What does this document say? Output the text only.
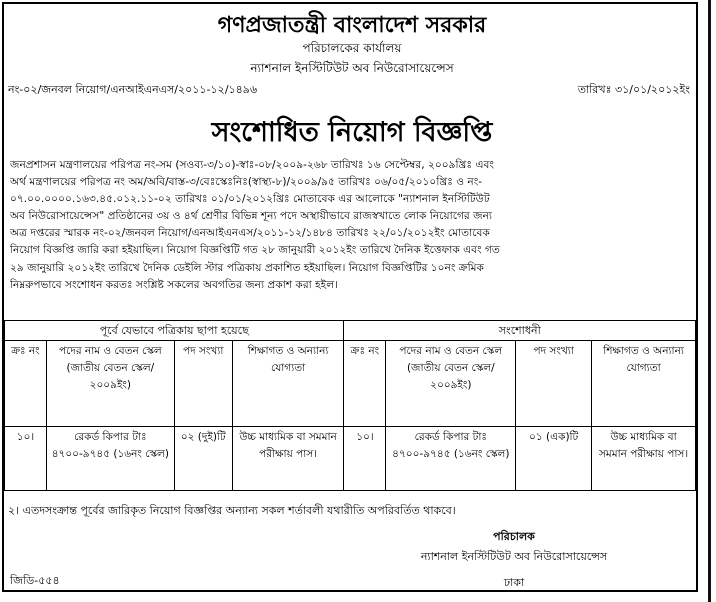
গণপ্রজাতন্ত্রী বাংলাদেশ সরকার
পরিচালকের কার্যালয়
ন্যাশনাল ইনস্টিটিউট অব নিউরোসায়েন্সেস
নং-০২/জনবল নিয়োগ/এনআইএনএস/২০১১-১২/১৪৯৬	তারিখঃ ৩১/০১/২০১২ইং
সংশোধিত নিয়োগ বিজ্ঞপ্তি
জনপ্রশাসন মন্ত্রণালয়ের পরিপত্র নং-সম (সওব্য-৩/১০)-স্বাঃ-০৮/২০০৯-২৬৮ তারিখঃ ১৬ সেপ্টেম্বর, ২০০৯খ্রিঃ এবং
অর্থ মন্ত্রণালয়ের পরিপত্র নং অম/অবি/বাস্ত-৩/বেঃস্কেঃনিঃ(স্বাস্থ্য-৮)/২০০৯/৯৫ তারিখঃ ০৬/০৫/২০১০খ্রিঃ ও নং-
০৭.০০.০০০০.১৬৩.৪৫.০১২.১১-০২ তারিখঃ ০১/০১/২০১২খ্রিঃ মোতাবেক এর আলোকে "ন্যাশনাল ইনস্টিটিউট
অব নিউরোসায়েন্সেস" প্রতিষ্ঠানের ৩য় ও ৪র্থ শ্রেণীর বিভিন্ন শূন্য পদে অস্থায়ীভাবে রাজস্বখাতে লোক নিয়োগের জন্য
অত্র দপ্তরের স্মারক নং-০২/জনবল নিয়োগ/এনআইএনএস/২০১১-১২/১৪৮৪ তারিখঃ ২২/০১/২০১২ইং মোতাবেক
নিয়োগ বিজ্ঞপ্তি জারি করা হইয়াছিল। নিয়োগ বিজ্ঞপ্তিটি গত ২৮ জানুয়ারী ২০১২ইং তারিখে দৈনিক ইত্তেফাক এবং গত
২৯ জানুয়ারি ২০১২ইং তারিখে দৈনিক ডেইলি স্টার পত্রিকায় প্রকাশিত হইয়াছিল। নিয়োগ বিজ্ঞপ্তিটির ১০নং ক্রমিক
নিম্নরুপভাবে সংশোধন করতঃ সংশ্লিষ্ট সকলের অবগতির জন্য প্রকাশ করা হইল।
পূর্বে যেভাবে পত্রিকায় ছাপা হয়েছে				সংশোধনী			
ক্রঃ নং	পদের নাম ও বেতন স্কেল (জাতীয় বেতন স্কেল/২০০৯ইং)	পদ সংখ্যা	শিক্ষাগত ও অন্যান্য যোগ্যতা	ক্রঃ নং	পদের নাম ও বেতন স্কেল (জাতীয় বেতন স্কেল/২০০৯ইং)	পদ সংখ্যা	শিক্ষাগত ও অন্যান্য যোগ্যতা
১০।	রেকর্ড কিপার টাঃ ৪৭০০-৯৭৪৫ (১৬নং স্কেল)	০২ (দুই)টি	উচ্চ মাধ্যমিক বা সমমান পরীক্ষায় পাস।	১০।	রেকর্ড কিপার টাঃ ৪৭০০-৯৭৪৫ (১৬নং স্কেল)	০১ (এক)টি	উচ্চ মাধ্যমিক বা সমমান পরীক্ষায় পাস।
২। এতদসংক্রান্ত পূর্বের জারিকৃত নিয়োগ বিজ্ঞপ্তির অন্যান্য সকল শর্তাবলী যথারীতি অপরিবর্তিত থাকবে।
পরিচালক
ন্যাশনাল ইনস্টিটিউট অব নিউরোসায়েন্সেস
ঢাকা
জিডি-৫৫৪
